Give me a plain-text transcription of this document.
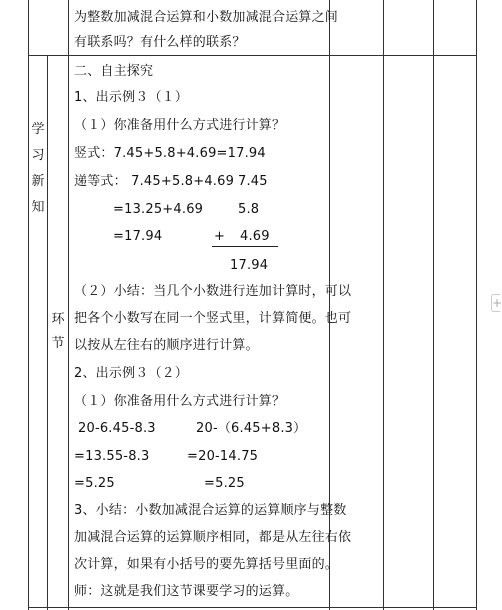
为整数加减混合运算和小数加减混合运算之间
有联系吗？有什么样的联系？
学
习
新
知
环
节
二、自主探究
1、出示例３（１）
（１）你准备用什么方式进行计算？
竖式：7.45+5.8+4.69=17.94
递等式： 7.45+5.8+4.69
=13.25+4.69
=17.94
7.45
5.8
+ 4.69
17.94
（２）小结：当几个小数进行连加计算时，可以
把各个小数写在同一个竖式里，计算简便。也可
以按从左往右的顺序进行计算。
2、出示例３（２）
（１）你准备用什么方式进行计算？
20-6.45-8.3
=13.55-8.3
=5.25
20-（6.45+8.3）
=20-14.75
=5.25
3、小结：小数加减混合运算的运算顺序与整数
加减混合运算的运算顺序相同，都是从左往右依
次计算，如果有小括号的要先算括号里面的。
师：这就是我们这节课要学习的运算。
+
